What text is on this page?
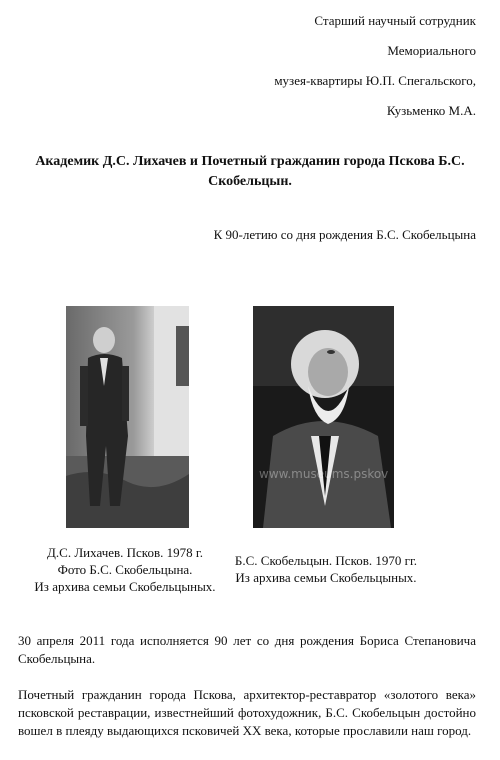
Старший научный сотрудник
Мемориального
музея-квартиры Ю.П. Спегальского,
Кузьменко М.А.
Академик Д.С. Лихачев и Почетный гражданин города Пскова Б.С. Скобельцын.
К 90-летию со дня рождения Б.С. Скобельцына
www.museums.pskov
Д.С. Лихачев. Псков. 1978 г.
Фото Б.С. Скобельцына.
Из архива семьи Скобельцыных.
Б.С. Скобельцын. Псков. 1970 гг.
Из архива семьи Скобельцыных.

30 апреля 2011 года исполняется 90 лет со дня рождения Бориса Степановича Скобельцына.

Почетный гражданин города Пскова, архитектор-реставратор «золотого века» псковской реставрации, известнейший фотохудожник, Б.С. Скобельцын достойно вошел в плеяду выдающихся псковичей XX века, которые прославили наш город.
